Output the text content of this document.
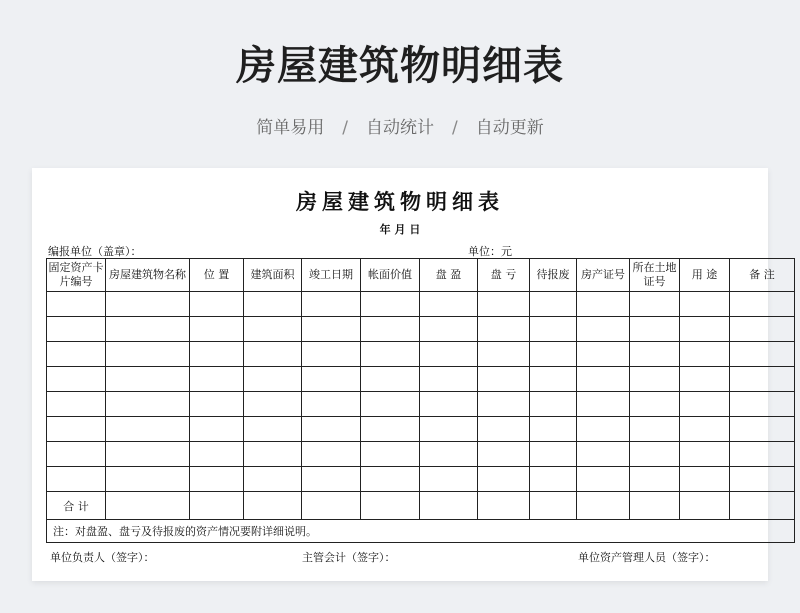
房屋建筑物明细表
简单易用 / 自动统计 / 自动更新
房屋建筑物明细表
年 月 日
编报单位（盖章）：	单位：元
固定资产卡片编号	房屋建筑物名称	位 置	建筑面积	竣工日期	帐面价值	盘 盈	盘 亏	待报废	房产证号	所在土地证号	用 途	备 注

合 计												
注：对盘盈、盘亏及待报废的资产情况要附详细说明。												
单位负责人（签字）：	主管会计（签字）：	单位资产管理人员（签字）：
